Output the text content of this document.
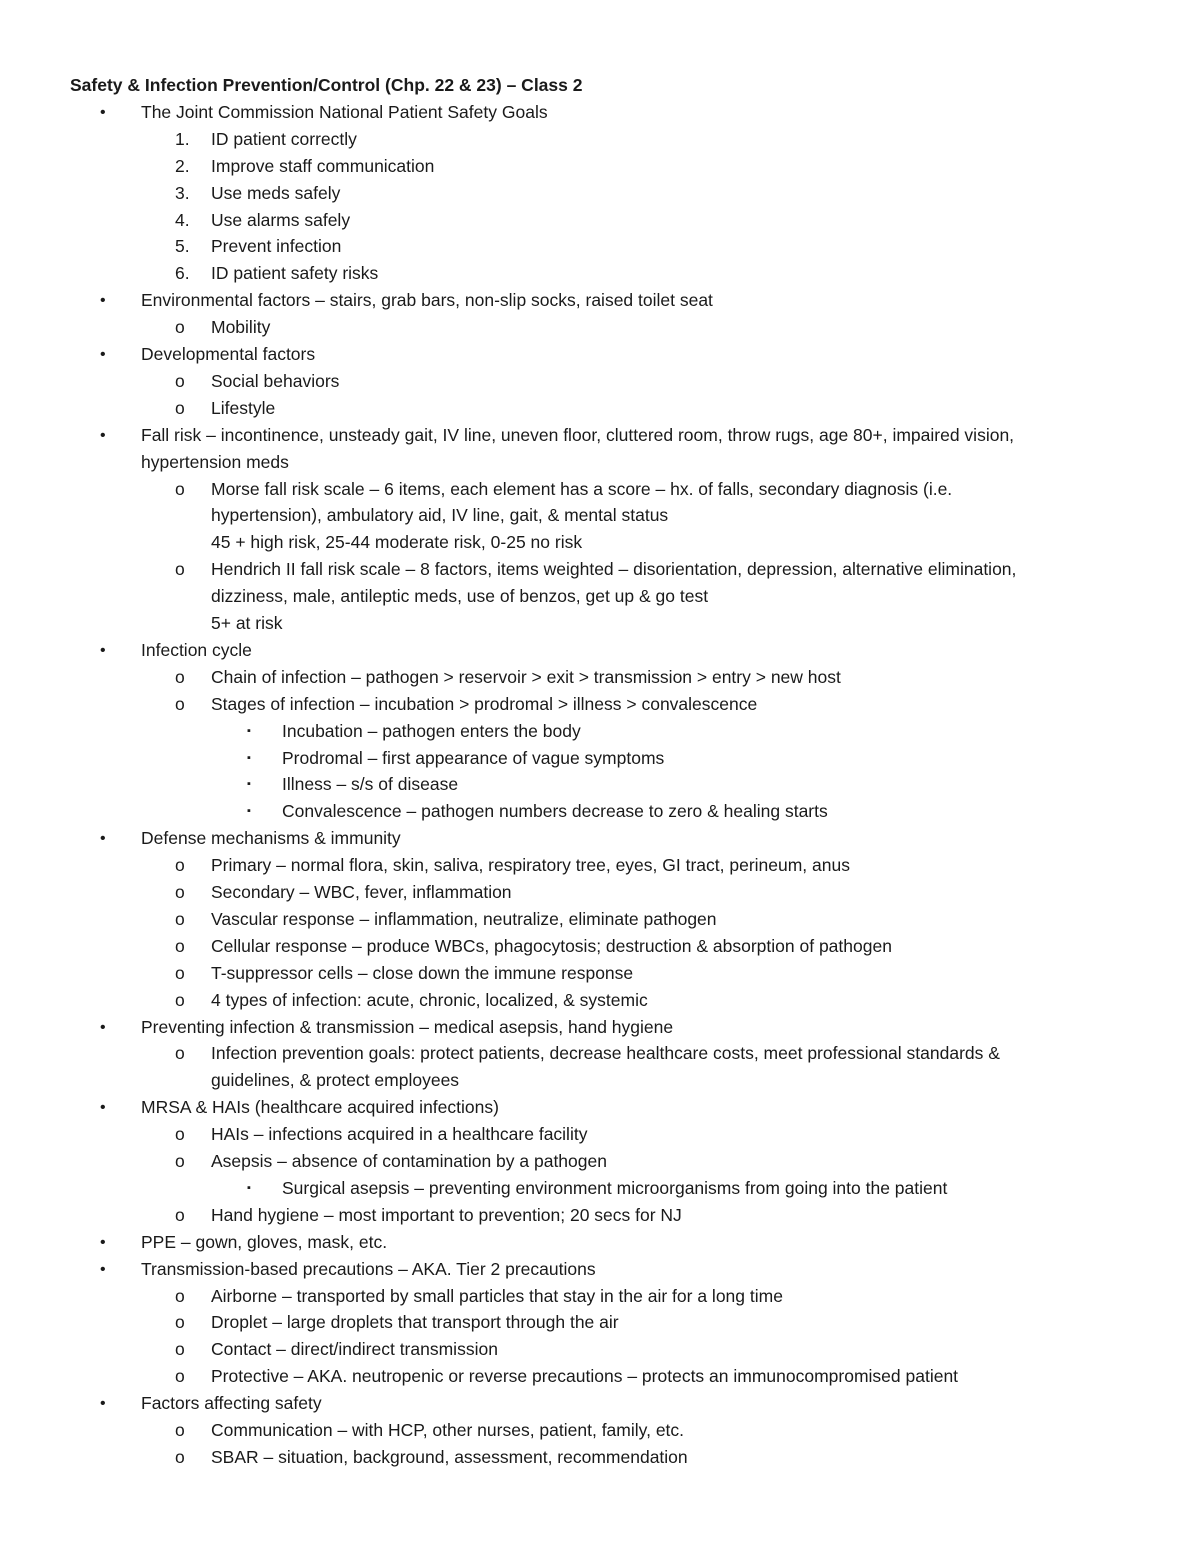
Safety & Infection Prevention/Control (Chp. 22 & 23) – Class 2
• The Joint Commission National Patient Safety Goals
1. ID patient correctly
2. Improve staff communication
3. Use meds safely
4. Use alarms safely
5. Prevent infection
6. ID patient safety risks
• Environmental factors – stairs, grab bars, non-slip socks, raised toilet seat
o Mobility
• Developmental factors
o Social behaviors
o Lifestyle
• Fall risk – incontinence, unsteady gait, IV line, uneven floor, cluttered room, throw rugs, age 80+, impaired vision,
hypertension meds
o Morse fall risk scale – 6 items, each element has a score – hx. of falls, secondary diagnosis (i.e.
hypertension), ambulatory aid, IV line, gait, & mental status
45 + high risk, 25-44 moderate risk, 0-25 no risk
o Hendrich II fall risk scale – 8 factors, items weighted – disorientation, depression, alternative elimination,
dizziness, male, antileptic meds, use of benzos, get up & go test
5+ at risk
• Infection cycle
o Chain of infection – pathogen > reservoir > exit > transmission > entry > new host
o Stages of infection – incubation > prodromal > illness > convalescence
▪ Incubation – pathogen enters the body
▪ Prodromal – first appearance of vague symptoms
▪ Illness – s/s of disease
▪ Convalescence – pathogen numbers decrease to zero & healing starts
• Defense mechanisms & immunity
o Primary – normal flora, skin, saliva, respiratory tree, eyes, GI tract, perineum, anus
o Secondary – WBC, fever, inflammation
o Vascular response – inflammation, neutralize, eliminate pathogen
o Cellular response – produce WBCs, phagocytosis; destruction & absorption of pathogen
o T-suppressor cells – close down the immune response
o 4 types of infection: acute, chronic, localized, & systemic
• Preventing infection & transmission – medical asepsis, hand hygiene
o Infection prevention goals: protect patients, decrease healthcare costs, meet professional standards &
guidelines, & protect employees
• MRSA & HAIs (healthcare acquired infections)
o HAIs – infections acquired in a healthcare facility
o Asepsis – absence of contamination by a pathogen
▪ Surgical asepsis – preventing environment microorganisms from going into the patient
o Hand hygiene – most important to prevention; 20 secs for NJ
• PPE – gown, gloves, mask, etc.
• Transmission-based precautions – AKA. Tier 2 precautions
o Airborne – transported by small particles that stay in the air for a long time
o Droplet – large droplets that transport through the air
o Contact – direct/indirect transmission
o Protective – AKA. neutropenic or reverse precautions – protects an immunocompromised patient
• Factors affecting safety
o Communication – with HCP, other nurses, patient, family, etc.
o SBAR – situation, background, assessment, recommendation
